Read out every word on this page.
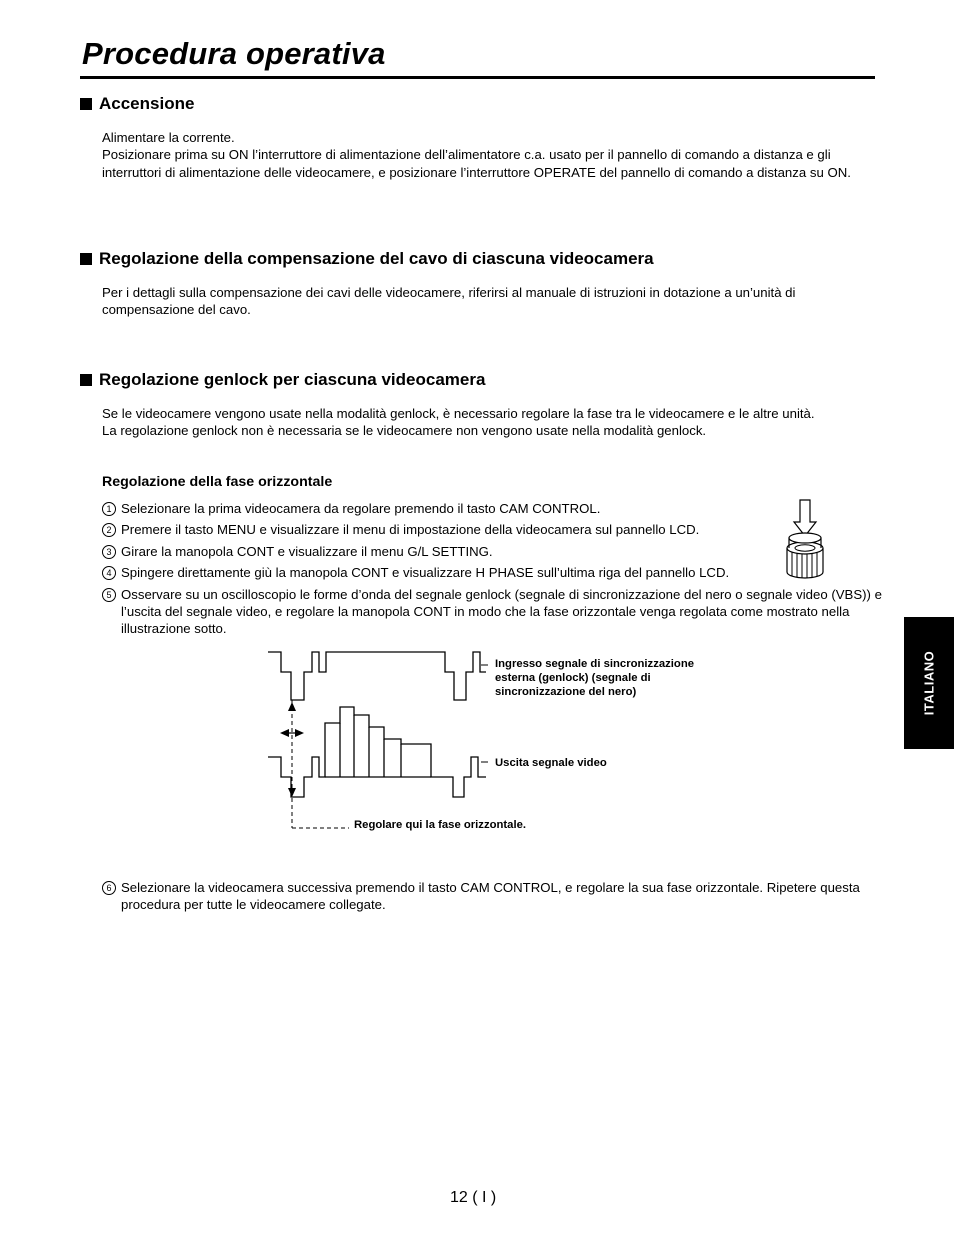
Procedura operativa
Accensione

Alimentare la corrente.
Posizionare prima su ON l’interruttore di alimentazione dell’alimentatore c.a. usato per il pannello di comando a distanza e gli interruttori di alimentazione delle videocamere, e posizionare l’interruttore OPERATE del pannello di comando a distanza su ON.

Regolazione della compensazione del cavo di ciascuna videocamera

Per i dettagli sulla compensazione dei cavi delle videocamere, riferirsi al manuale di istruzioni in dotazione a un’unità di compensazione del cavo.

Regolazione genlock per ciascuna videocamera

Se le videocamere vengono usate nella modalità genlock, è necessario regolare la fase tra le videocamere e le altre unità.
La regolazione genlock non è necessaria se le videocamere non vengono usate nella modalità genlock.

Regolazione della fase orizzontale
1 Selezionare la prima videocamera da regolare premendo il tasto CAM CONTROL.
2 Premere il tasto MENU e visualizzare il menu di impostazione della videocamera sul pannello LCD.
3 Girare la manopola CONT e visualizzare il menu G/L SETTING.
4 Spingere direttamente giù la manopola CONT e visualizzare H PHASE sull’ultima riga del pannello LCD.
5 Osservare su un oscilloscopio le forme d’onda del segnale genlock (segnale di sincronizzazione del nero o segnale video (VBS)) e l’uscita del segnale video, e regolare la manopola CONT in modo che la fase orizzontale venga regolata come mostrato nella illustrazione sotto.
Ingresso segnale di sincronizzazione esterna (genlock) (segnale di sincronizzazione del nero)
Uscita segnale video
Regolare qui la fase orizzontale.
6 Selezionare la videocamera successiva premendo il tasto CAM CONTROL, e regolare la sua fase orizzontale. Ripetere questa procedura per tutte le videocamere collegate.
ITALIANO
12 ( I )
